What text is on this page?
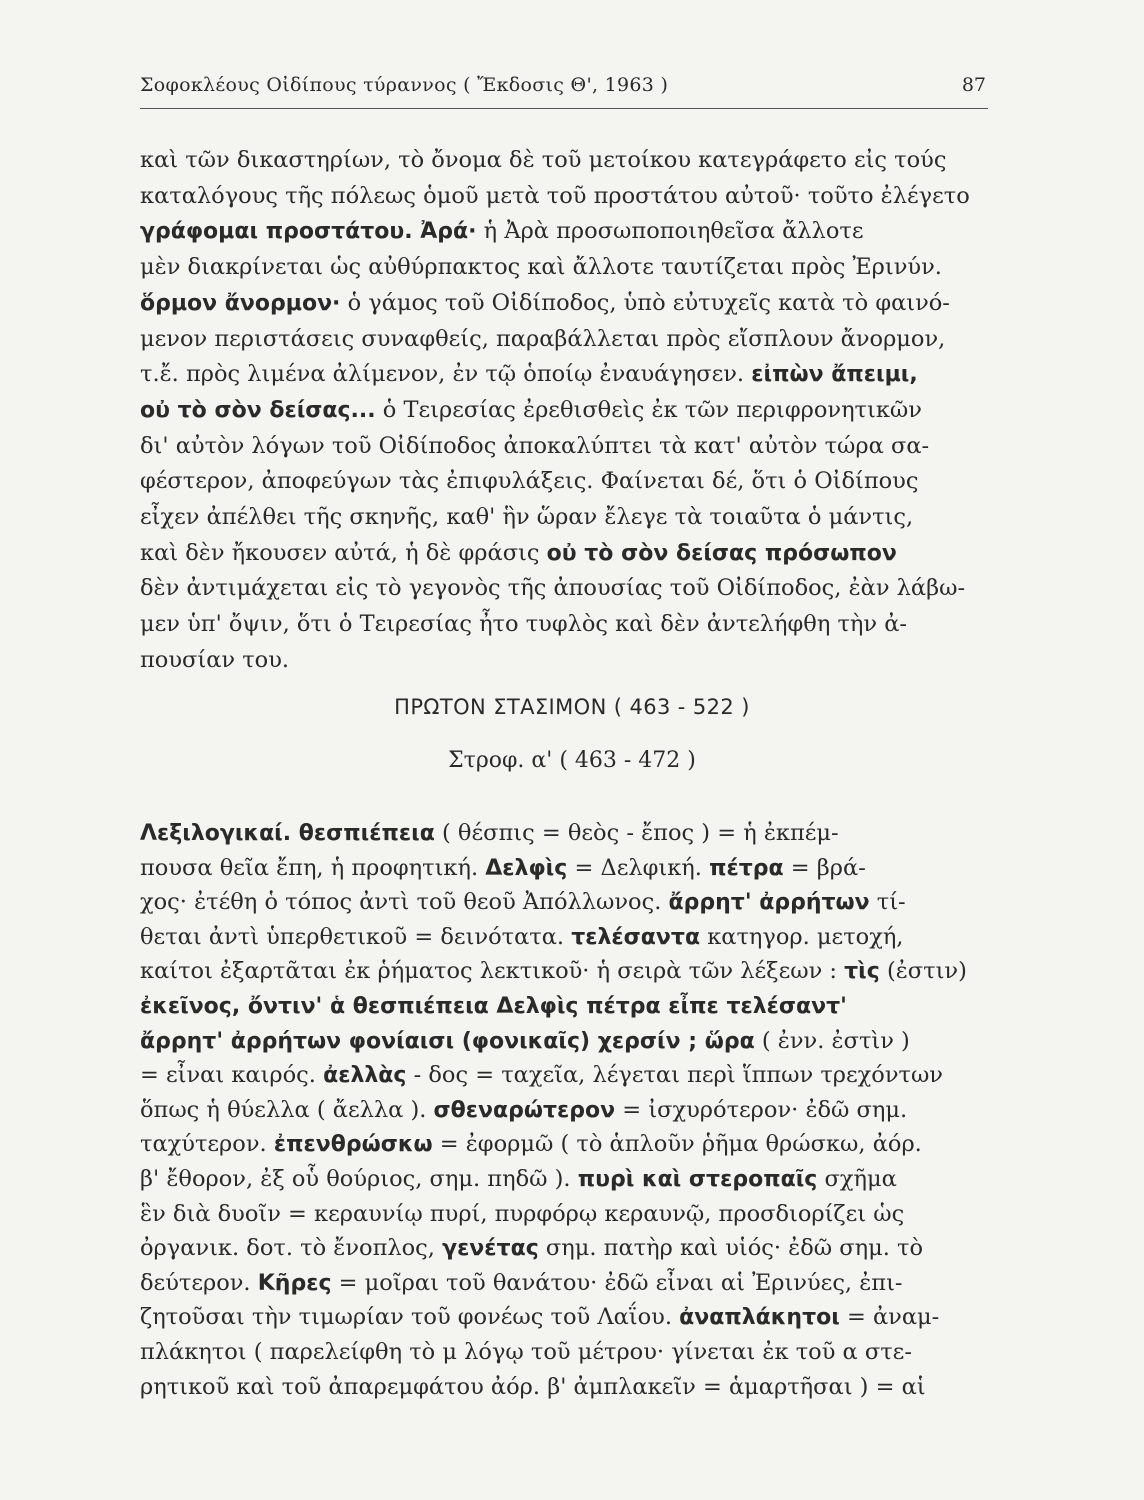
Σοφοκλέους Οἰδίπους τύραννος ( Ἔκδοσις Θ', 1963 )	87
καὶ τῶν δικαστηρίων, τὸ ὄνομα δὲ τοῦ μετοίκου κατεγράφετο εἰς τούς
καταλόγους τῆς πόλεως ὁμοῦ μετὰ τοῦ προστάτου αὐτοῦ· τοῦτο ἐλέγετο
γράφομαι προστάτου. Ἀρά· ἡ Ἀρὰ προσωποποιηθεῖσα ἄλλοτε
μὲν διακρίνεται ὡς αὐθύρπακτος καὶ ἄλλοτε ταυτίζεται πρὸς Ἐρινύν.
ὅρμον ἄνορμον· ὁ γάμος τοῦ Οἰδίποδος, ὑπὸ εὐτυχεῖς κατὰ τὸ φαινό-
μενον περιστάσεις συναφθείς, παραβάλλεται πρὸς εἴσπλουν ἄνορμον,
τ.ἔ. πρὸς λιμένα ἀλίμενον, ἐν τῷ ὁποίῳ ἐναυάγησεν. εἰπὼν ἄπειμι,
οὐ τὸ σὸν δείσας... ὁ Τειρεσίας ἐρεθισθεὶς ἐκ τῶν περιφρονητικῶν
δι' αὐτὸν λόγων τοῦ Οἰδίποδος ἀποκαλύπτει τὰ κατ' αὐτὸν τώρα σα-
φέστερον, ἀποφεύγων τὰς ἐπιφυλάξεις. Φαίνεται δέ, ὅτι ὁ Οἰδίπους
εἶχεν ἀπέλθει τῆς σκηνῆς, καθ' ἣν ὥραν ἔλεγε τὰ τοιαῦτα ὁ μάντις,
καὶ δὲν ἤκουσεν αὐτά, ἡ δὲ φράσις οὐ τὸ σὸν δείσας πρόσωπον
δὲν ἀντιμάχεται εἰς τὸ γεγονὸς τῆς ἀπουσίας τοῦ Οἰδίποδος, ἐὰν λάβω-
μεν ὑπ' ὄψιν, ὅτι ὁ Τειρεσίας ἦτο τυφλὸς καὶ δὲν ἀντελήφθη τὴν ἀ-
πουσίαν του.
ΠΡΩΤΟΝ ΣΤΑΣΙΜΟΝ ( 463 - 522 )
Στροφ. α' ( 463 - 472 )
Λεξιλογικαί. θεσπιέπεια ( θέσπις = θεὸς - ἔπος ) = ἡ ἐκπέμ-
πουσα θεῖα ἔπη, ἡ προφητική. Δελφὶς = Δελφική. πέτρα = βρά-
χος· ἐτέθη ὁ τόπος ἀντὶ τοῦ θεοῦ Ἀπόλλωνος. ἄρρητ' ἀρρήτων τί-
θεται ἀντὶ ὑπερθετικοῦ = δεινότατα. τελέσαντα κατηγορ. μετοχή,
καίτοι ἐξαρτᾶται ἐκ ῥήματος λεκτικοῦ· ἡ σειρὰ τῶν λέξεων : τὶς (ἐστιν)
ἐκεῖνος, ὄντιν' ἁ θεσπιέπεια Δελφὶς πέτρα εἶπε τελέσαντ'
ἄρρητ' ἀρρήτων φονίαισι (φονικαῖς) χερσίν ; ὥρα ( ἐνν. ἐστὶν )
= εἶναι καιρός. ἀελλὰς - δος = ταχεῖα, λέγεται περὶ ἵππων τρεχόντων
ὅπως ἡ θύελλα ( ἄελλα ). σθεναρώτερον = ἰσχυρότερον· ἐδῶ σημ.
ταχύτερον. ἐπενθρώσκω = ἐφορμῶ ( τὸ ἁπλοῦν ῥῆμα θρώσκω, ἀόρ.
β' ἔθορον, ἐξ οὗ θούριος, σημ. πηδῶ ). πυρὶ καὶ στεροπαῖς σχῆμα
ἓν διὰ δυοῖν = κεραυνίῳ πυρί, πυρφόρῳ κεραυνῷ, προσδιορίζει ὡς
ὀργανικ. δοτ. τὸ ἔνοπλος, γενέτας σημ. πατὴρ καὶ υἱός· ἐδῶ σημ. τὸ
δεύτερον. Κῆρες = μοῖραι τοῦ θανάτου· ἐδῶ εἶναι αἱ Ἐρινύες, ἐπι-
ζητοῦσαι τὴν τιμωρίαν τοῦ φονέως τοῦ Λαΐου. ἀναπλάκητοι = ἀναμ-
πλάκητοι ( παρελείφθη τὸ μ λόγῳ τοῦ μέτρου· γίνεται ἐκ τοῦ α στε-
ρητικοῦ καὶ τοῦ ἀπαρεμφάτου ἀόρ. β' ἀμπλακεῖν = ἁμαρτῆσαι ) = αἱ
